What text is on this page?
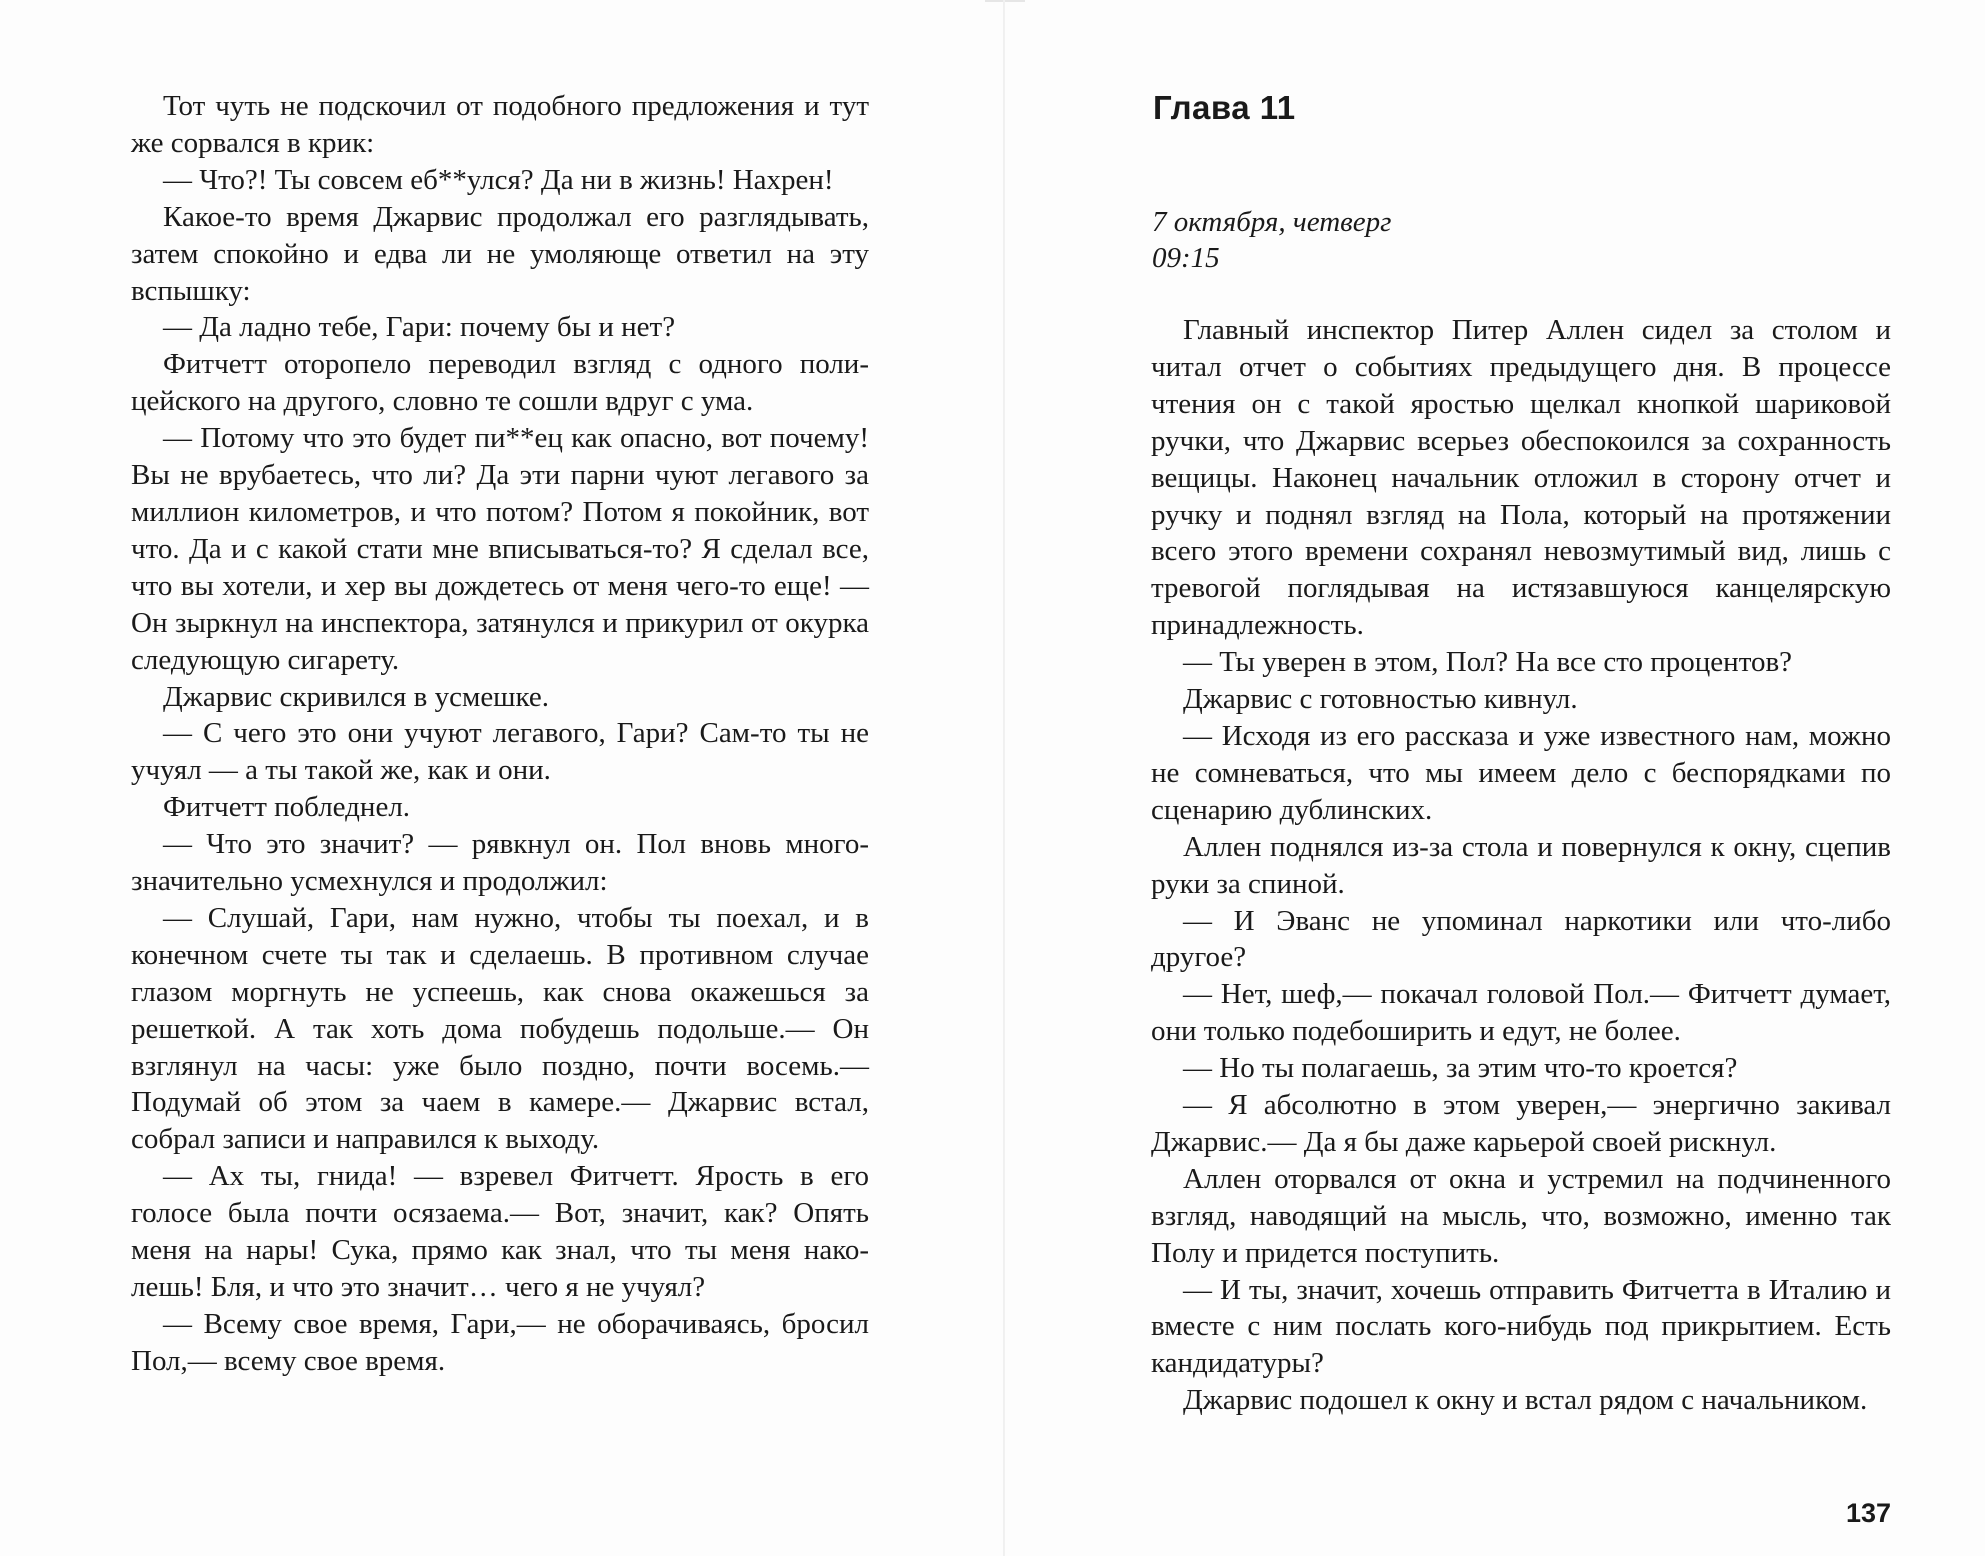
Тот чуть не подскочил от подобного предложения и тут же сорвался в крик:

— Что?! Ты совсем еб**улся? Да ни в жизнь! Нахрен!

Какое-то время Джарвис продолжал его разглядывать, затем спокойно и едва ли не умоляюще ответил на эту вспышку:

— Да ладно тебе, Гари: почему бы и нет?

Фитчетт оторопело переводил взгляд с одного полицейского на другого, словно те сошли вдруг с ума.

— Потому что это будет пи**ец как опасно, вот почему! Вы не врубаетесь, что ли? Да эти парни чуют легавого за миллион километров, и что потом? Потом я покойник, вот что. Да и с какой стати мне вписываться-то? Я сделал все, что вы хотели, и хер вы дождетесь от меня чего-то еще! — Он зыркнул на инспектора, затянулся и прикурил от окурка следующую сигарету.

Джарвис скривился в усмешке.

— С чего это они учуют легавого, Гари? Сам-то ты не учуял — а ты такой же, как и они.

Фитчетт побледнел.

— Что это значит? — рявкнул он. Пол вновь многозначительно усмехнулся и продолжил:

— Слушай, Гари, нам нужно, чтобы ты поехал, и в конечном счете ты так и сделаешь. В противном случае глазом моргнуть не успеешь, как снова окажешься за решеткой. А так хоть дома побудешь подольше.— Он взглянул на часы: уже было поздно, почти восемь.— Подумай об этом за чаем в камере.— Джарвис встал, собрал записи и направился к выходу.

— Ах ты, гнида! — взревел Фитчетт. Ярость в его голосе была почти осязаема.— Вот, значит, как? Опять меня на нары! Сука, прямо как знал, что ты меня наколешь! Бля, и что это значит… чего я не учуял?

— Всему свое время, Гари,— не оборачиваясь, бросил Пол,— всему свое время.

Глава 11
7 октября, четверг
09:15

Главный инспектор Питер Аллен сидел за столом и читал отчет о событиях предыдущего дня. В процессе чтения он с такой яростью щелкал кнопкой шариковой ручки, что Джарвис всерьез обеспокоился за сохранность вещицы. Наконец начальник отложил в сторону отчет и ручку и поднял взгляд на Пола, который на протяжении всего этого времени сохранял невозмутимый вид, лишь с тревогой поглядывая на истязавшуюся канцелярскую принадлежность.

— Ты уверен в этом, Пол? На все сто процентов?

Джарвис с готовностью кивнул.

— Исходя из его рассказа и уже известного нам, можно не сомневаться, что мы имеем дело с беспорядками по сценарию дублинских.

Аллен поднялся из-за стола и повернулся к окну, сцепив руки за спиной.

— И Эванс не упоминал наркотики или что-либо другое?

— Нет, шеф,— покачал головой Пол.— Фитчетт думает, они только подебоширить и едут, не более.

— Но ты полагаешь, за этим что-то кроется?

— Я абсолютно в этом уверен,— энергично закивал Джарвис.— Да я бы даже карьерой своей рискнул.

Аллен оторвался от окна и устремил на подчиненного взгляд, наводящий на мысль, что, возможно, именно так Полу и придется поступить.

— И ты, значит, хочешь отправить Фитчетта в Италию и вместе с ним послать кого-нибудь под прикрытием. Есть кандидатуры?

Джарвис подошел к окну и встал рядом с начальником.

137
